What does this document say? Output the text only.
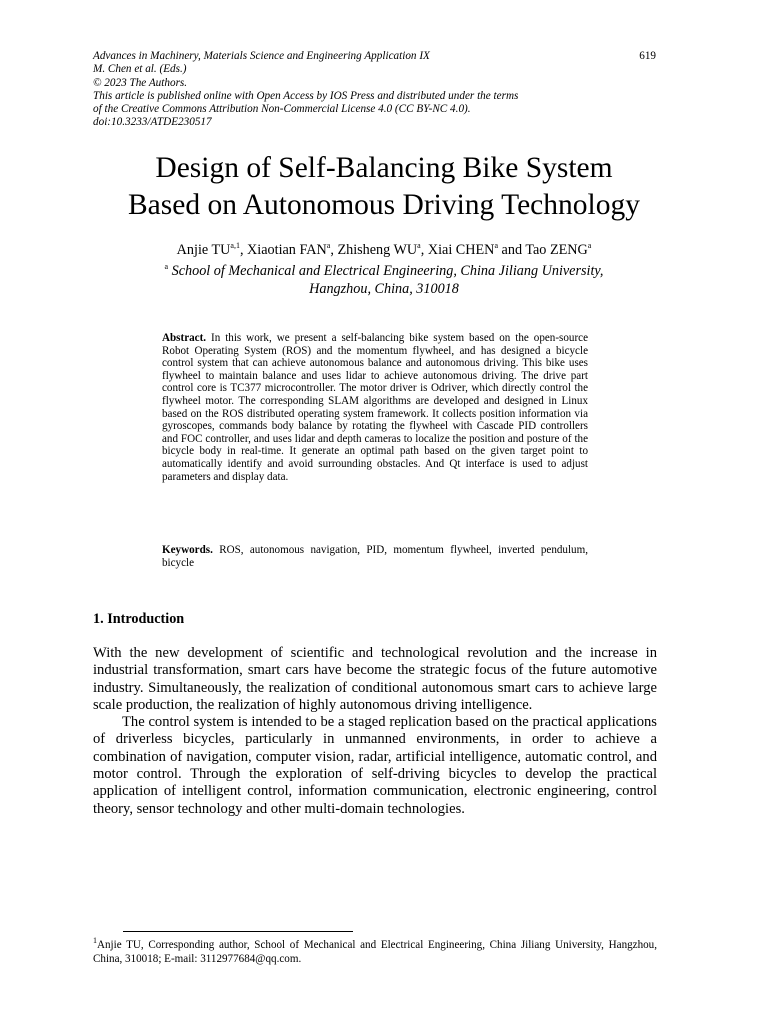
Advances in Machinery, Materials Science and Engineering Application IX
M. Chen et al. (Eds.)
© 2023 The Authors.
This article is published online with Open Access by IOS Press and distributed under the terms
of the Creative Commons Attribution Non-Commercial License 4.0 (CC BY-NC 4.0).
doi:10.3233/ATDE230517
619
Design of Self-Balancing Bike System
Based on Autonomous Driving Technology
Anjie TU$^{a,1}$, Xiaotian FAN$^a$, Zhisheng $WU^a$, Xiai CHEN$^a$ and Tao ZENG$^a$
$^a$ School of Mechanical and Electrical Engineering, China Jiliang University,
Hangzhou, China, 310018
Abstract. In this work, we present a self-balancing bike system based on the open-source Robot Operating System (ROS) and the momentum flywheel, and has designed a bicycle control system that can achieve autonomous balance and autonomous driving. This bike uses flywheel to maintain balance and uses lidar to achieve autonomous driving. The drive part control core is TC377 microcontroller. The motor driver is Odriver, which directly control the flywheel motor. The corresponding SLAM algorithms are developed and designed in Linux based on the ROS distributed operating system framework. It collects position information via gyroscopes, commands body balance by rotating the flywheel with Cascade PID controllers and FOC controller, and uses lidar and depth cameras to localize the position and posture of the bicycle body in real-time. It generate an optimal path based on the given target point to automatically identify and avoid surrounding obstacles. And Qt interface is used to adjust parameters and display data.
Keywords. ROS, autonomous navigation, PID, momentum flywheel, inverted pendulum, bicycle
1. Introduction

With the new development of scientific and technological revolution and the increase in industrial transformation, smart cars have become the strategic focus of the future automotive industry. Simultaneously, the realization of conditional autonomous smart cars to achieve large scale production, the realization of highly autonomous driving intelligence.

The control system is intended to be a staged replication based on the practical applications of driverless bicycles, particularly in unmanned environments, in order to achieve a combination of navigation, computer vision, radar, artificial intelligence, automatic control, and motor control. Through the exploration of self-driving bicycles to develop the practical application of intelligent control, information communication, electronic engineering, control theory, sensor technology and other multi-domain technologies.

$^1$Anjie TU, Corresponding author, School of Mechanical and Electrical Engineering, China Jiliang University, Hangzhou, China, 310018; E-mail: 3112977684@qq.com.
